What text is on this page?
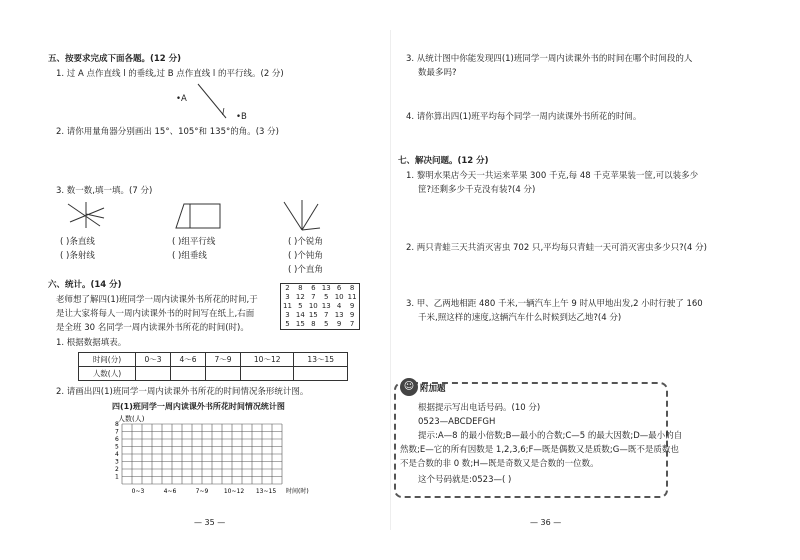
五、按要求完成下面各题。(12 分)
1. 过 A 点作直线 l 的垂线,过 B 点作直线 l 的平行线。(2 分)
•A
l •B
2. 请你用量角器分别画出 15°、105°和 135°的角。(3 分)
3. 数一数,填一填。(7 分)
( )条直线
( )条射线
( )组平行线
( )组垂线
( )个锐角
( )个钝角
( )个直角
六、统计。(14 分)
老师想了解四(1)班同学一周内读课外书所花的时间,于
是让大家将每人一周内读课外书的时间写在纸上,右面
是全班 30 名同学一周内读课外书所花的时间(时)。
2	8	6	13	6	8
3	12	7	5	10	11
11	5	10	13	4	9
3	14	15	7	13	9
5	15	8	5	9	7
1. 根据数据填表。
时间(分)	0～3	4～6	7～9	10～12	13～15
人数(人)					
2. 请画出四(1)班同学一周内读课外书所花的时间情况条形统计图。
四(1)班同学一周内读课外书所花时间情况统计图
人数(人)
1
2
3
4
5
6
7
8
0~3	4~6	7~9	10~12 13~15 时间(时)
— 35 —
3. 从统计图中你能发现四(1)班同学一周内读课外书的时间在哪个时间段的人
数最多吗?
4. 请你算出四(1)班平均每个同学一周内读课外书所花的时间。
七、解决问题。(12 分)
1. 黎明水果店今天一共运来苹果 300 千克,每 48 千克苹果装一筐,可以装多少
筐?还剩多少千克没有装?(4 分)
2. 两只青蛙三天共消灭害虫 702 只,平均每只青蛙一天可消灭害虫多少只?(4 分)
3. 甲、乙两地相距 480 千米,一辆汽车上午 9 时从甲地出发,2 小时行驶了 160
千米,照这样的速度,这辆汽车什么时候到达乙地?(4 分)
☺ 附加题
根据提示写出电话号码。(10 分)
0523—ABCDEFGH
提示:A—8 的最小倍数;B—最小的合数;C—5 的最大因数;D—最小的自
然数;E—它的所有因数是 1,2,3,6;F—既是偶数又是质数;G—既不是质数也
不是合数的非 0 数;H—既是奇数又是合数的一位数。
这个号码就是:0523—( )
— 36 —
